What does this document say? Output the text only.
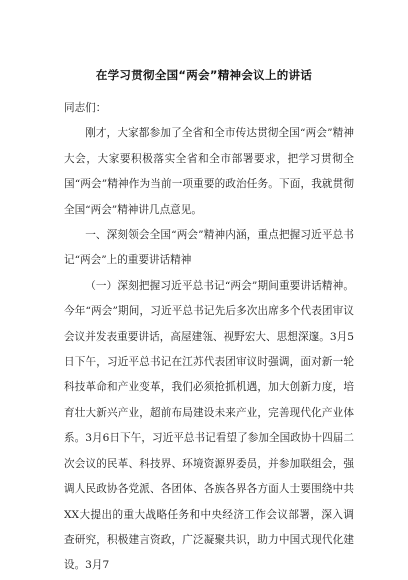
在学习贯彻全国“两会”精神会议上的讲话

同志们：

刚才，大家都参加了全省和全市传达贯彻全国“两会”精神大会，大家要积极落实全省和全市部署要求，把学习贯彻全国“两会”精神作为当前一项重要的政治任务。下面，我就贯彻全国“两会”精神讲几点意见。

一、深刻领会全国“两会”精神内涵，重点把握习近平总书记“两会”上的重要讲话精神

（一）深刻把握习近平总书记“两会”期间重要讲话精神。今年“两会”期间，习近平总书记先后多次出席多个代表团审议会议并发表重要讲话，高屋建瓴、视野宏大、思想深邃。3月5日下午，习近平总书记在江苏代表团审议时强调，面对新一轮科技革命和产业变革，我们必须抢抓机遇，加大创新力度，培育壮大新兴产业，超前布局建设未来产业，完善现代化产业体系。3月6日下午，习近平总书记看望了参加全国政协十四届二次会议的民革、科技界、环境资源界委员，并参加联组会，强调人民政协各党派、各团体、各族各界各方面人士要围绕中共XX大提出的重大战略任务和中央经济工作会议部署，深入调查研究，积极建言资政，广泛凝聚共识，助力中国式现代化建设。3月7
